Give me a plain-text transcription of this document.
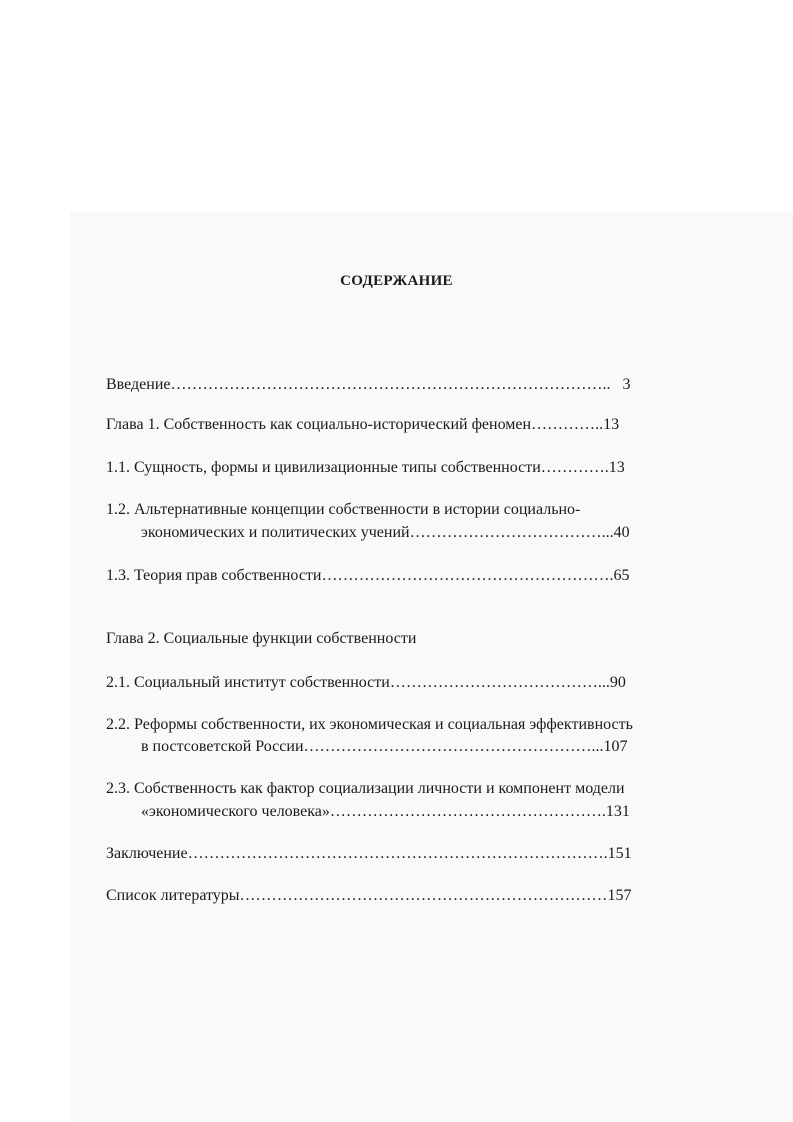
СОДЕРЖАНИЕ
Введение………………………………………………………………………..   3
Глава 1. Собственность как социально-исторический феномен…………..13
1.1. Сущность, формы и цивилизационные типы собственности………….13
1.2. Альтернативные концепции собственности в истории социально-
экономических и политических учений………………………………...40
1.3. Теория прав собственности……………………………………………….65
Глава 2. Социальные функции собственности
2.1. Социальный институт собственности…………………………………...90
2.2. Реформы собственности, их экономическая и социальная эффективность
в постсоветской России………………………………………………...107
2.3. Собственность как фактор социализации личности и компонент модели
«экономического человека»…………………………………………….131
Заключение…………………………………………………………………….151
Список литературы……………………………………………………………157
